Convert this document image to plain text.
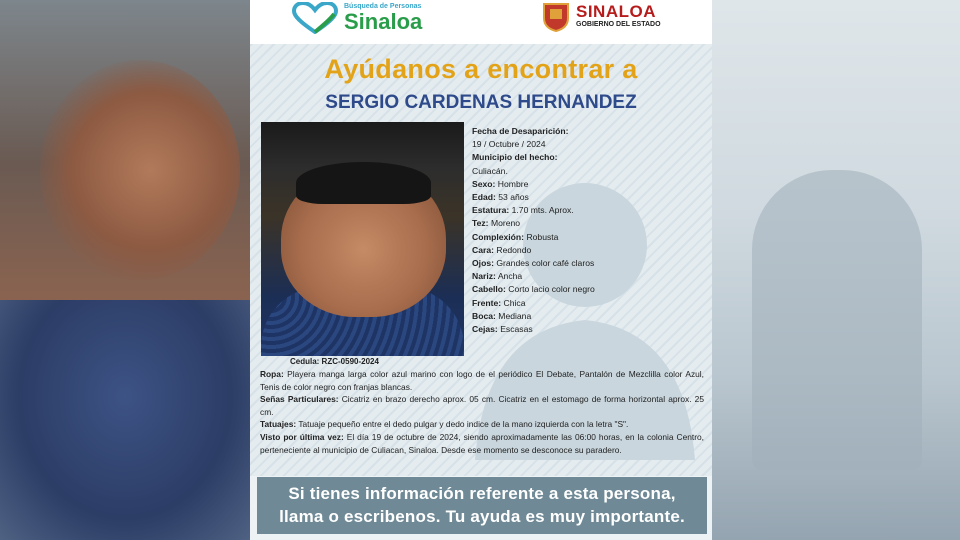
Búsqueda de Personas
Sinaloa	SINALOA
GOBIERNO DEL ESTADO
Ayúdanos a encontrar a
SERGIO CARDENAS HERNANDEZ
Cedula: RZC-0590-2024
Fecha de Desaparición:
19 / Octubre / 2024
Municipio del hecho:
Culiacán.
Sexo: Hombre
Edad: 53 años
Estatura: 1.70 mts. Aprox.
Tez: Moreno
Complexión: Robusta
Cara: Redondo
Ojos: Grandes color café claros
Nariz: Ancha
Cabello: Corto lacio color negro
Frente: Chica
Boca: Mediana
Cejas: Escasas

Ropa: Playera manga larga color azul marino con logo de el periódico El Debate, Pantalón de Mezclilla color Azul, Tenis de color negro con franjas blancas.

Señas Particulares: Cicatriz en brazo derecho aprox. 05 cm. Cicatriz en el estomago de forma horizontal aprox. 25 cm.

Tatuajes: Tatuaje pequeño entre el dedo pulgar y dedo indice de la mano izquierda con la letra "S".

Visto por última vez: El día 19 de octubre de 2024, siendo aproximadamente las 06:00 horas, en la colonia Centro, perteneciente al municipio de Culiacan, Sinaloa. Desde ese momento se desconoce su paradero.

Si tienes información referente a esta persona,
llama o escribenos. Tu ayuda es muy importante.
